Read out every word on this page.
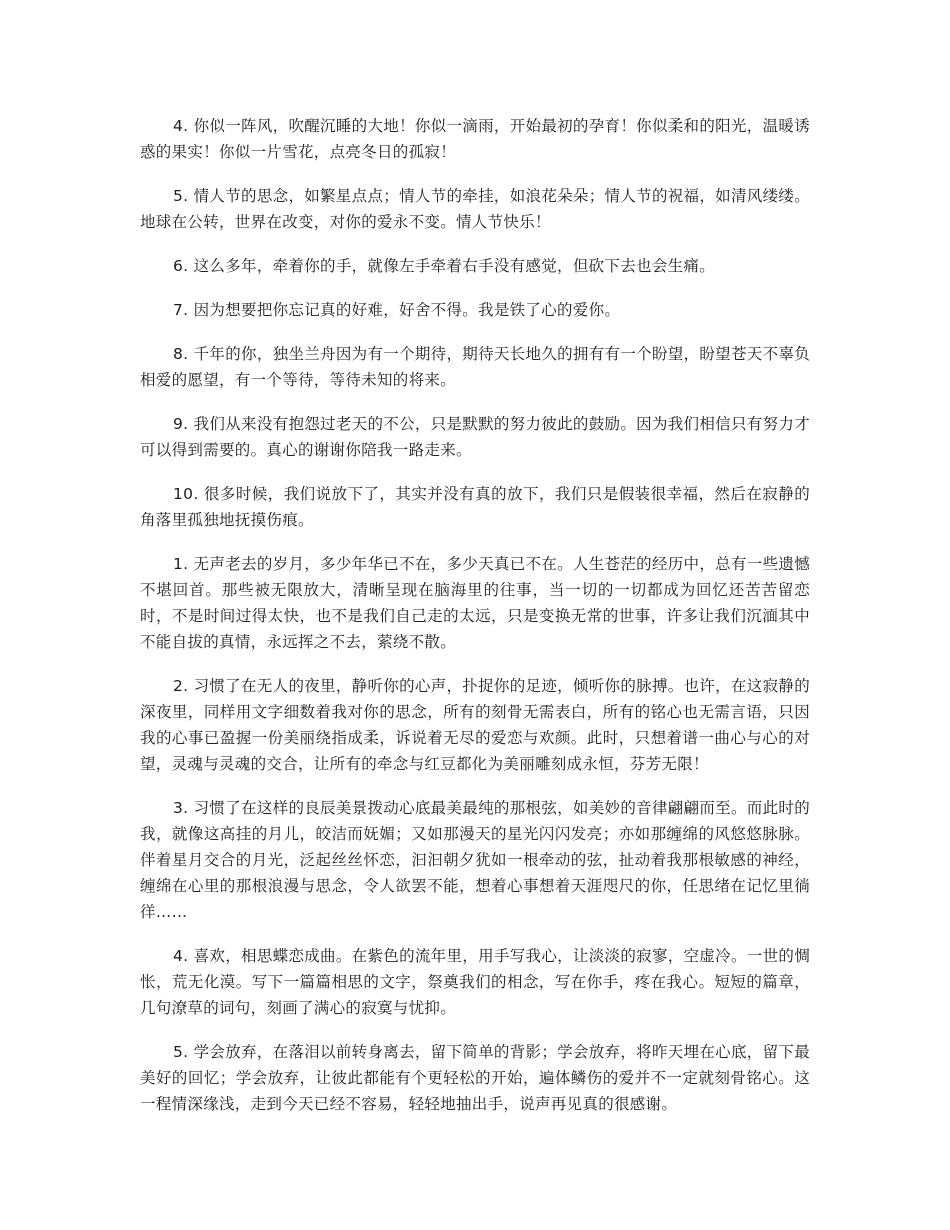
4. 你似一阵风，吹醒沉睡的大地！你似一滴雨，开始最初的孕育！你似柔和的阳光，温暖诱惑的果实！你似一片雪花，点亮冬日的孤寂！

5. 情人节的思念，如繁星点点；情人节的牵挂，如浪花朵朵；情人节的祝福，如清风缕缕。地球在公转，世界在改变，对你的爱永不变。情人节快乐！

6. 这么多年，牵着你的手，就像左手牵着右手没有感觉，但砍下去也会生痛。

7. 因为想要把你忘记真的好难，好舍不得。我是铁了心的爱你。

8. 千年的你，独坐兰舟因为有一个期待，期待天长地久的拥有有一个盼望，盼望苍天不辜负相爱的愿望，有一个等待，等待未知的将来。

9. 我们从来没有抱怨过老天的不公，只是默默的努力彼此的鼓励。因为我们相信只有努力才可以得到需要的。真心的谢谢你陪我一路走来。

10. 很多时候，我们说放下了，其实并没有真的放下，我们只是假装很幸福，然后在寂静的角落里孤独地抚摸伤痕。

1. 无声老去的岁月，多少年华已不在，多少天真已不在。人生苍茫的经历中，总有一些遗憾不堪回首。那些被无限放大，清晰呈现在脑海里的往事，当一切的一切都成为回忆还苦苦留恋时，不是时间过得太快，也不是我们自己走的太远，只是变换无常的世事，许多让我们沉湎其中不能自拔的真情，永远挥之不去，萦绕不散。

2. 习惯了在无人的夜里，静听你的心声，扑捉你的足迹，倾听你的脉搏。也许，在这寂静的深夜里，同样用文字细数着我对你的思念，所有的刻骨无需表白，所有的铭心也无需言语，只因我的心事已盈握一份美丽绕指成柔，诉说着无尽的爱恋与欢颜。此时，只想着谱一曲心与心的对望，灵魂与灵魂的交合，让所有的牵念与红豆都化为美丽雕刻成永恒，芬芳无限！

3. 习惯了在这样的良辰美景拨动心底最美最纯的那根弦，如美妙的音律翩翩而至。而此时的我，就像这高挂的月儿，皎洁而妩媚；又如那漫天的星光闪闪发亮；亦如那缠绵的风悠悠脉脉。伴着星月交合的月光，泛起丝丝怀恋，汩汩朝夕犹如一根牵动的弦，扯动着我那根敏感的神经，缠绵在心里的那根浪漫与思念，令人欲罢不能，想着心事想着天涯咫尺的你，任思绪在记忆里徜徉……

4. 喜欢，相思蝶恋成曲。在紫色的流年里，用手写我心，让淡淡的寂寥，空虚冷。一世的惆怅，荒无化漠。写下一篇篇相思的文字，祭奠我们的相念，写在你手，疼在我心。短短的篇章，几句潦草的词句，刻画了满心的寂寞与忧抑。

5. 学会放弃，在落泪以前转身离去，留下简单的背影；学会放弃，将昨天埋在心底，留下最美好的回忆；学会放弃，让彼此都能有个更轻松的开始，遍体鳞伤的爱并不一定就刻骨铭心。这一程情深缘浅，走到今天已经不容易，轻轻地抽出手，说声再见真的很感谢。
